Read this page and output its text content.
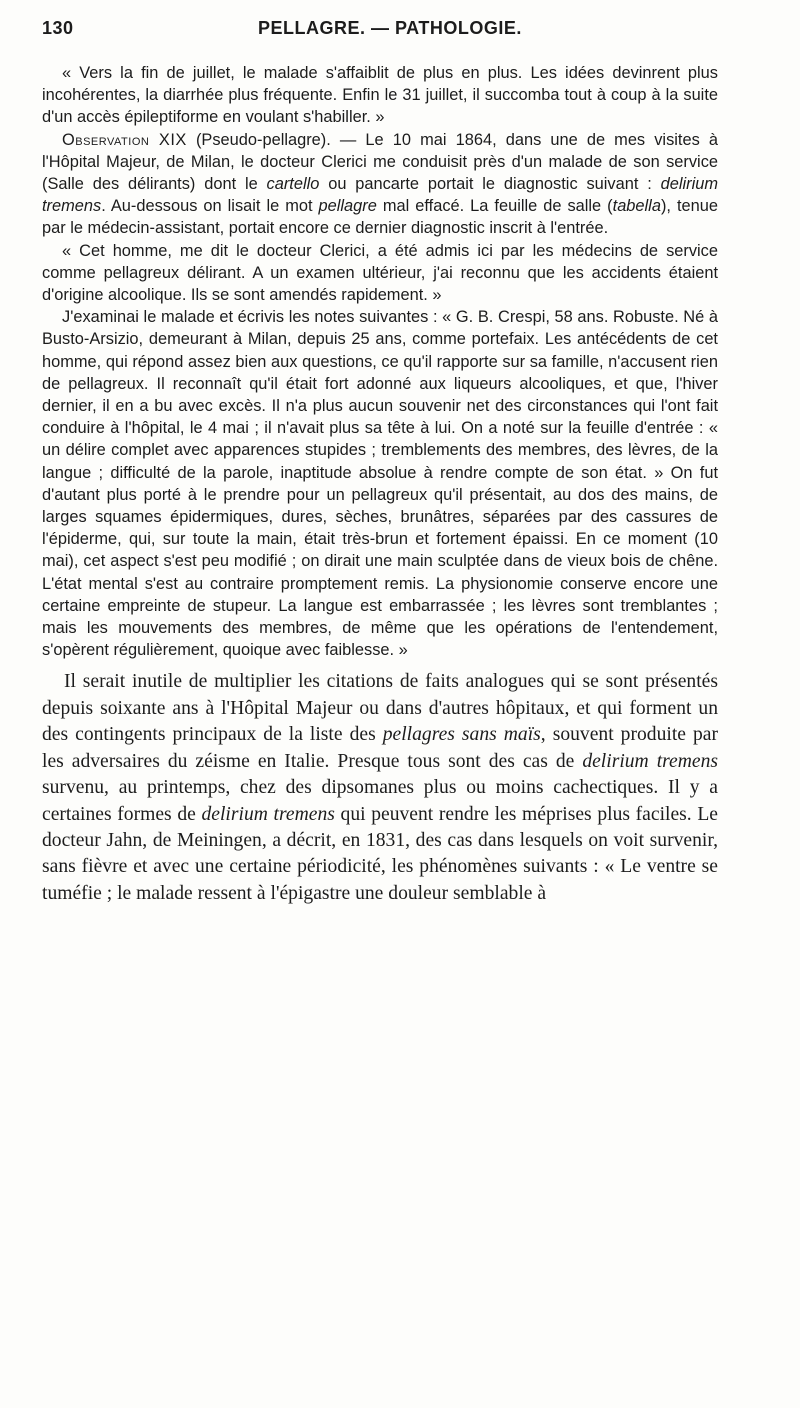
130	PELLAGRE. — PATHOLOGIE.

« Vers la fin de juillet, le malade s'affaiblit de plus en plus. Les idées devinrent plus incohérentes, la diarrhée plus fréquente. Enfin le 31 juillet, il succomba tout à coup à la suite d'un accès épileptiforme en voulant s'habiller. »

Observation XIX (Pseudo-pellagre). — Le 10 mai 1864, dans une de mes visites à l'Hôpital Majeur, de Milan, le docteur Clerici me conduisit près d'un malade de son service (Salle des délirants) dont le cartello ou pancarte portait le diagnostic suivant : delirium tremens. Au-dessous on lisait le mot pellagre mal effacé. La feuille de salle (tabella), tenue par le médecin-assistant, portait encore ce dernier diagnostic inscrit à l'entrée.

« Cet homme, me dit le docteur Clerici, a été admis ici par les médecins de service comme pellagreux délirant. A un examen ultérieur, j'ai reconnu que les accidents étaient d'origine alcoolique. Ils se sont amendés rapidement. »

J'examinai le malade et écrivis les notes suivantes : « G. B. Crespi, 58 ans. Robuste. Né à Busto-Arsizio, demeurant à Milan, depuis 25 ans, comme portefaix. Les antécédents de cet homme, qui répond assez bien aux questions, ce qu'il rapporte sur sa famille, n'accusent rien de pellagreux. Il reconnaît qu'il était fort adonné aux liqueurs alcooliques, et que, l'hiver dernier, il en a bu avec excès. Il n'a plus aucun souvenir net des circonstances qui l'ont fait conduire à l'hôpital, le 4 mai ; il n'avait plus sa tête à lui. On a noté sur la feuille d'entrée : « un délire complet avec apparences stupides ; tremblements des membres, des lèvres, de la langue ; difficulté de la parole, inaptitude absolue à rendre compte de son état. » On fut d'autant plus porté à le prendre pour un pellagreux qu'il présentait, au dos des mains, de larges squames épidermiques, dures, sèches, brunâtres, séparées par des cassures de l'épiderme, qui, sur toute la main, était très-brun et fortement épaissi. En ce moment (10 mai), cet aspect s'est peu modifié ; on dirait une main sculptée dans de vieux bois de chêne. L'état mental s'est au contraire promptement remis. La physionomie conserve encore une certaine empreinte de stupeur. La langue est embarrassée ; les lèvres sont tremblantes ; mais les mouvements des membres, de même que les opérations de l'entendement, s'opèrent régulièrement, quoique avec faiblesse. »

Il serait inutile de multiplier les citations de faits analogues qui se sont présentés depuis soixante ans à l'Hôpital Majeur ou dans d'autres hôpitaux, et qui forment un des contingents principaux de la liste des pellagres sans maïs, souvent produite par les adversaires du zéisme en Italie. Presque tous sont des cas de delirium tremens survenu, au printemps, chez des dipsomanes plus ou moins cachectiques. Il y a certaines formes de delirium tremens qui peuvent rendre les méprises plus faciles. Le docteur Jahn, de Meiningen, a décrit, en 1831, des cas dans lesquels on voit survenir, sans fièvre et avec une certaine périodicité, les phénomènes suivants : « Le ventre se tuméfie ; le malade ressent à l'épigastre une douleur semblable à
